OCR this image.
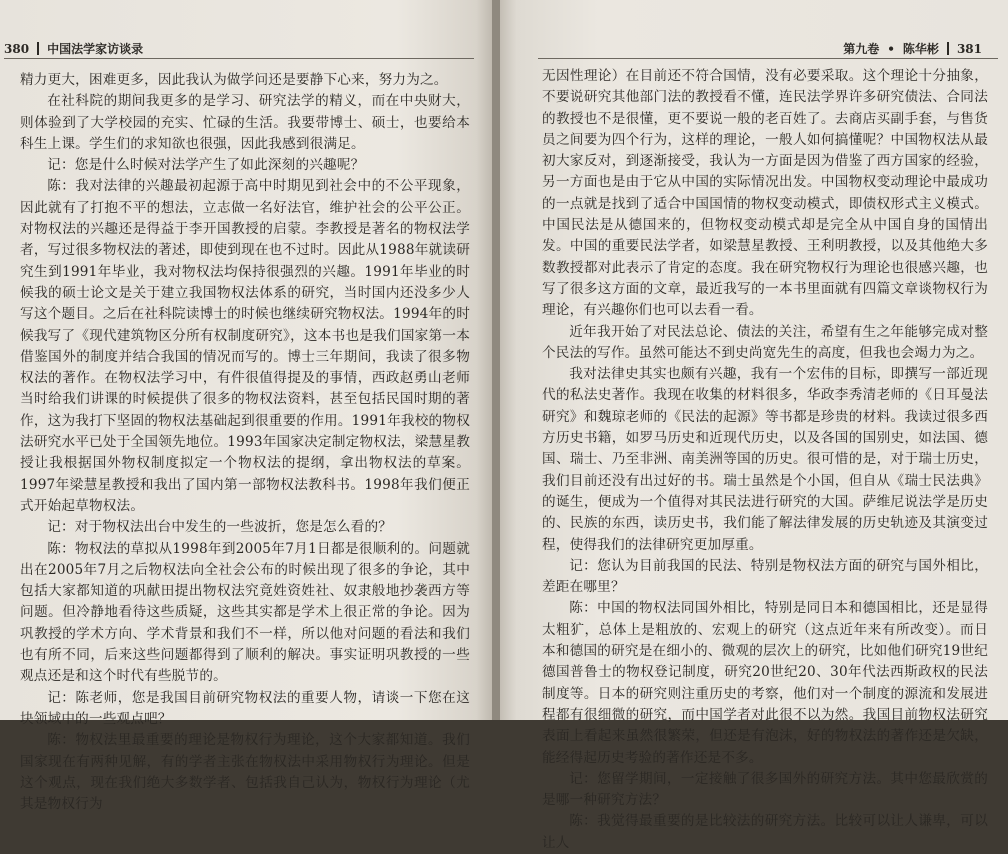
380 中国法学家访谈录

精力更大，困难更多，因此我认为做学问还是要静下心来，努力为之。

在社科院的期间我更多的是学习、研究法学的精义，而在中央财大，则体验到了大学校园的充实、忙碌的生活。我要带博士、硕士，也要给本科生上课。学生们的求知欲也很强，因此我感到很满足。

记：您是什么时候对法学产生了如此深刻的兴趣呢？

陈：我对法律的兴趣最初起源于高中时期见到社会中的不公平现象，因此就有了打抱不平的想法，立志做一名好法官，维护社会的公平公正。对物权法的兴趣还是得益于李开国教授的启蒙。李教授是著名的物权法学者，写过很多物权法的著述，即使到现在也不过时。因此从1988年就读研究生到1991年毕业，我对物权法均保持很强烈的兴趣。1991年毕业的时候我的硕士论文是关于建立我国物权法体系的研究，当时国内还没多少人写这个题目。之后在社科院读博士的时候也继续研究物权法。1994年的时候我写了《现代建筑物区分所有权制度研究》，这本书也是我们国家第一本借鉴国外的制度并结合我国的情况而写的。博士三年期间，我读了很多物权法的著作。在物权法学习中，有件很值得提及的事情，西政赵勇山老师当时给我们讲课的时候提供了很多的物权法资料，甚至包括民国时期的著作，这为我打下坚固的物权法基础起到很重要的作用。1991年我校的物权法研究水平已处于全国领先地位。1993年国家决定制定物权法，梁慧星教授让我根据国外物权制度拟定一个物权法的提纲，拿出物权法的草案。1997年梁慧星教授和我出了国内第一部物权法教科书。1998年我们便正式开始起草物权法。

记：对于物权法出台中发生的一些波折，您是怎么看的？

陈：物权法的草拟从1998年到2005年7月1日都是很顺利的。问题就出在2005年7月之后物权法向全社会公布的时候出现了很多的争论，其中包括大家都知道的巩献田提出物权法究竟姓资姓社、奴隶般地抄袭西方等问题。但冷静地看待这些质疑，这些其实都是学术上很正常的争论。因为巩教授的学术方向、学术背景和我们不一样，所以他对问题的看法和我们也有所不同，后来这些问题都得到了顺利的解决。事实证明巩教授的一些观点还是和这个时代有些脱节的。

记：陈老师，您是我国目前研究物权法的重要人物，请谈一下您在这块领域中的一些观点吧？

陈：物权法里最重要的理论是物权行为理论，这个大家都知道。我们国家现在有两种见解，有的学者主张在物权法中采用物权行为理论。但是这个观点，现在我们绝大多数学者、包括我自己认为，物权行为理论（尤其是物权行为

第九卷 • 陈华彬 381

无因性理论）在目前还不符合国情，没有必要采取。这个理论十分抽象，不要说研究其他部门法的教授看不懂，连民法学界许多研究债法、合同法的教授也不是很懂，更不要说一般的老百姓了。去商店买副手套，与售货员之间要为四个行为，这样的理论，一般人如何搞懂呢？中国物权法从最初大家反对，到逐渐接受，我认为一方面是因为借鉴了西方国家的经验，另一方面也是由于它从中国的实际情况出发。中国物权变动理论中最成功的一点就是找到了适合中国国情的物权变动模式，即债权形式主义模式。中国民法是从德国来的，但物权变动模式却是完全从中国自身的国情出发。中国的重要民法学者，如梁慧星教授、王利明教授，以及其他绝大多数教授都对此表示了肯定的态度。我在研究物权行为理论也很感兴趣，也写了很多这方面的文章，最近我写的一本书里面就有四篇文章谈物权行为理论，有兴趣你们也可以去看一看。

近年我开始了对民法总论、债法的关注，希望有生之年能够完成对整个民法的写作。虽然可能达不到史尚宽先生的高度，但我也会竭力为之。

我对法律史其实也颇有兴趣，我有一个宏伟的目标，即撰写一部近现代的私法史著作。我现在收集的材料很多，华政李秀清老师的《日耳曼法研究》和魏琼老师的《民法的起源》等书都是珍贵的材料。我读过很多西方历史书籍，如罗马历史和近现代历史，以及各国的国别史，如法国、德国、瑞士、乃至非洲、南美洲等国的历史。很可惜的是，对于瑞士历史，我们目前还没有出过好的书。瑞士虽然是个小国，但自从《瑞士民法典》的诞生，便成为一个值得对其民法进行研究的大国。萨维尼说法学是历史的、民族的东西，读历史书，我们能了解法律发展的历史轨迹及其演变过程，使得我们的法律研究更加厚重。

记：您认为目前我国的民法、特别是物权法方面的研究与国外相比，差距在哪里？

陈：中国的物权法同国外相比，特别是同日本和德国相比，还是显得太粗犷，总体上是粗放的、宏观上的研究（这点近年来有所改变）。而日本和德国的研究是在细小的、微观的层次上的研究，比如他们研究19世纪德国普鲁士的物权登记制度，研究20世纪20、30年代法西斯政权的民法制度等。日本的研究则注重历史的考察，他们对一个制度的源流和发展进程都有很细微的研究，而中国学者对此很不以为然。我国目前物权法研究表面上看起来虽然很繁荣，但还是有泡沫，好的物权法的著作还是欠缺，能经得起历史考验的著作还是不多。

记：您留学期间，一定接触了很多国外的研究方法。其中您最欣赏的是哪一种研究方法？

陈：我觉得最重要的是比较法的研究方法。比较可以让人谦卑，可以让人
